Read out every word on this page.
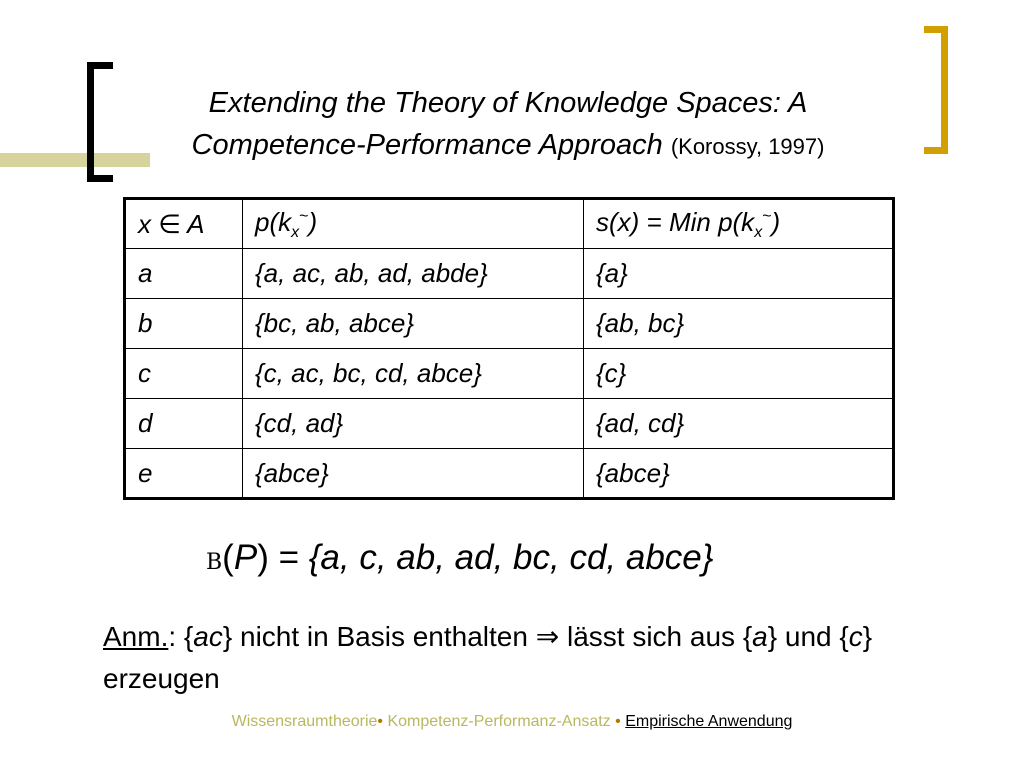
Extending the Theory of Knowledge Spaces: A
Competence-Performance Approach (Korossy, 1997)
x ∈ A	$p(k_x^\sim)$	s(x) = Min $p(k_x^\sim)$
a	{a, ac, ab, ad, abde}	{a}
b	{bc, ab, abce}	{ab, bc}
c	{c, ac, bc, cd, abce}	{c}
d	{cd, ad}	{ad, cd}
e	{abce}	{abce}
B(P) = {a, c, ab, ad, bc, cd, abce}
Anm.: {ac} nicht in Basis enthalten ⇒ lässt sich aus {a} und {c} erzeugen
Wissensraumtheorie• Kompetenz-Performanz-Ansatz • Empirische Anwendung
